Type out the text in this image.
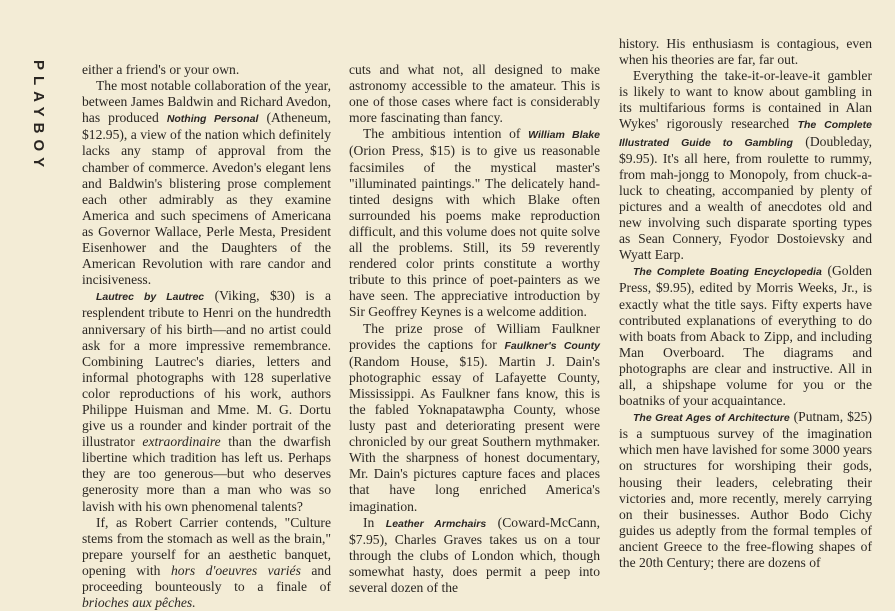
PLAYBOY	either a friend's or your own.

The most notable collaboration of the year, between James Baldwin and Richard Avedon, has produced Nothing Personal (Atheneum, $12.95), a view of the nation which definitely lacks any stamp of approval from the chamber of commerce. Avedon's elegant lens and Baldwin's blistering prose complement each other admirably as they examine America and such specimens of Americana as Governor Wallace, Perle Mesta, President Eisenhower and the Daughters of the American Revolution with rare candor and incisiveness.

Lautrec by Lautrec (Viking, $30) is a resplendent tribute to Henri on the hundredth anniversary of his birth—and no artist could ask for a more impressive remembrance. Combining Lautrec's diaries, letters and informal photographs with 128 superlative color reproductions of his work, authors Philippe Huisman and Mme. M. G. Dortu give us a rounder and kinder portrait of the illustrator extraordinaire than the dwarfish libertine which tradition has left us. Perhaps they are too generous—but who deserves generosity more than a man who was so lavish with his own phenomenal talents?

If, as Robert Carrier contends, "Culture stems from the stomach as well as the brain," prepare yourself for an aesthetic banquet, opening with hors d'oeuvres variés and proceeding bounteously to a finale of brioches aux pêches.

cuts and what not, all designed to make astronomy accessible to the amateur. This is one of those cases where fact is considerably more fascinating than fancy.

The ambitious intention of William Blake (Orion Press, $15) is to give us reasonable facsimiles of the mystical master's "illuminated paintings." The delicately hand-tinted designs with which Blake often surrounded his poems make reproduction difficult, and this volume does not quite solve all the problems. Still, its 59 reverently rendered color prints constitute a worthy tribute to this prince of poet-painters as we have seen. The appreciative introduction by Sir Geoffrey Keynes is a welcome addition.

The prize prose of William Faulkner provides the captions for Faulkner's County (Random House, $15). Martin J. Dain's photographic essay of Lafayette County, Mississippi. As Faulkner fans know, this is the fabled Yoknapatawpha County, whose lusty past and deteriorating present were chronicled by our great Southern mythmaker. With the sharpness of honest documentary, Mr. Dain's pictures capture faces and places that have long enriched America's imagination.

In Leather Armchairs (Coward-McCann, $7.95), Charles Graves takes us on a tour through the clubs of London which, though somewhat hasty, does permit a peep into several dozen of the

history. His enthusiasm is contagious, even when his theories are far, far out.

Everything the take-it-or-leave-it gambler is likely to want to know about gambling in its multifarious forms is contained in Alan Wykes' rigorously researched The Complete Illustrated Guide to Gambling (Doubleday, $9.95). It's all here, from roulette to rummy, from mah-jongg to Monopoly, from chuck-a-luck to cheating, accompanied by plenty of pictures and a wealth of anecdotes old and new involving such disparate sporting types as Sean Connery, Fyodor Dostoievsky and Wyatt Earp.

The Complete Boating Encyclopedia (Golden Press, $9.95), edited by Morris Weeks, Jr., is exactly what the title says. Fifty experts have contributed explanations of everything to do with boats from Aback to Zipp, and including Man Overboard. The diagrams and photographs are clear and instructive. All in all, a shipshape volume for you or the boatniks of your acquaintance.

The Great Ages of Architecture (Putnam, $25) is a sumptuous survey of the imagination which men have lavished for some 3000 years on structures for worshiping their gods, housing their leaders, celebrating their victories and, more recently, merely carrying on their businesses. Author Bodo Cichy guides us adeptly from the formal temples of ancient Greece to the free-flowing shapes of the 20th Century; there are dozens of
